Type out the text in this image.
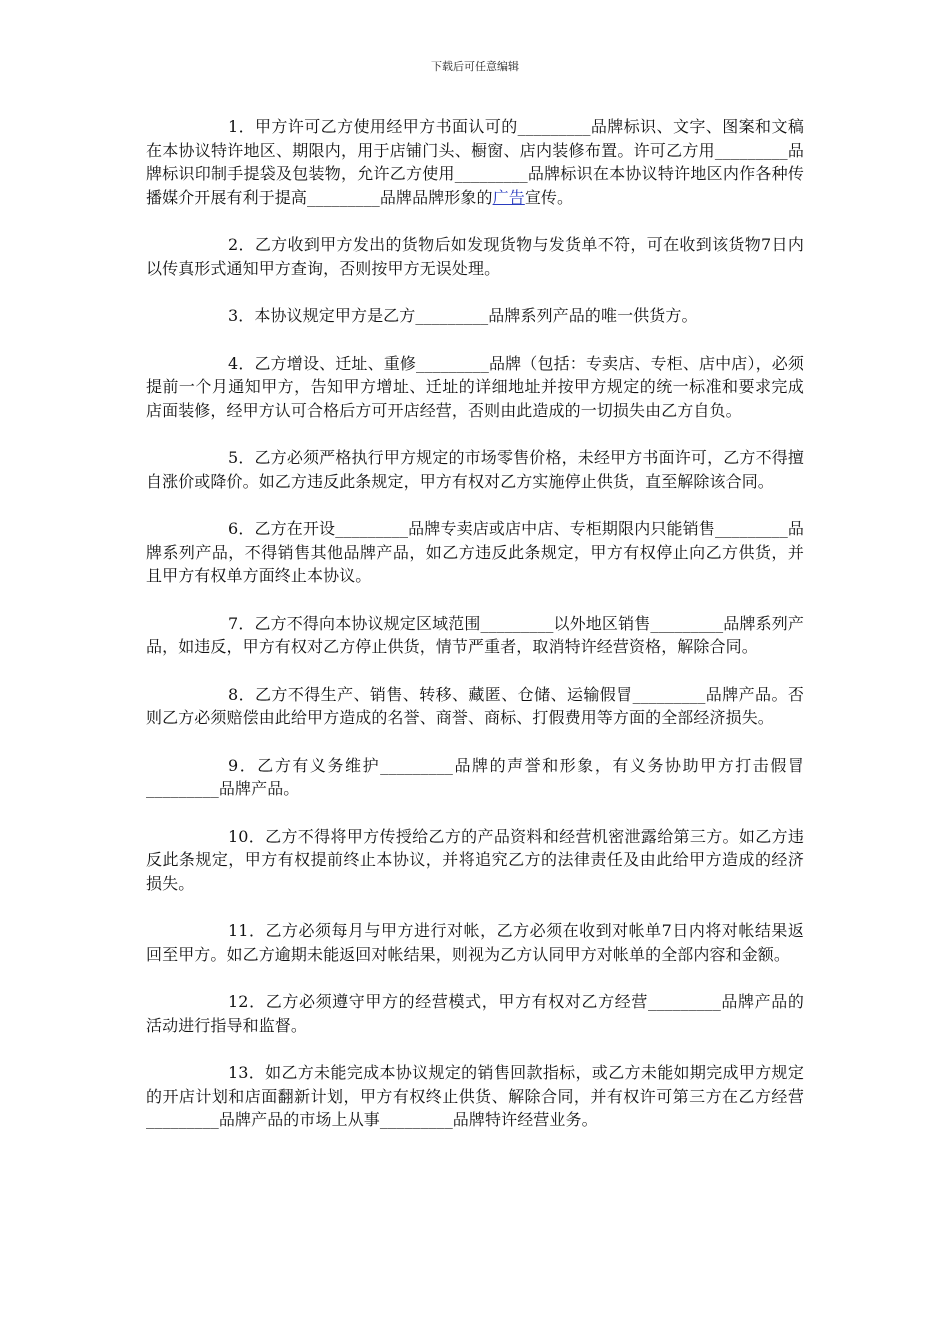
下载后可任意编辑

1．甲方许可乙方使用经甲方书面认可的_________品牌标识、文字、图案和文稿在本协议特许地区、期限内，用于店铺门头、橱窗、店内装修布置。许可乙方用_________品牌标识印制手提袋及包装物，允许乙方使用_________品牌标识在本协议特许地区内作各种传播媒介开展有利于提高_________品牌品牌形象的广告宣传。

2．乙方收到甲方发出的货物后如发现货物与发货单不符，可在收到该货物7日内以传真形式通知甲方查询，否则按甲方无误处理。

3．本协议规定甲方是乙方_________品牌系列产品的唯一供货方。

4．乙方增设、迁址、重修_________品牌（包括：专卖店、专柜、店中店），必须提前一个月通知甲方，告知甲方增址、迁址的详细地址并按甲方规定的统一标准和要求完成店面装修，经甲方认可合格后方可开店经营，否则由此造成的一切损失由乙方自负。

5．乙方必须严格执行甲方规定的市场零售价格，未经甲方书面许可，乙方不得擅自涨价或降价。如乙方违反此条规定，甲方有权对乙方实施停止供货，直至解除该合同。

6．乙方在开设_________品牌专卖店或店中店、专柜期限内只能销售_________品牌系列产品，不得销售其他品牌产品，如乙方违反此条规定，甲方有权停止向乙方供货，并且甲方有权单方面终止本协议。

7．乙方不得向本协议规定区域范围_________以外地区销售_________品牌系列产品，如违反，甲方有权对乙方停止供货，情节严重者，取消特许经营资格，解除合同。

8．乙方不得生产、销售、转移、藏匿、仓储、运输假冒_________品牌产品。否则乙方必须赔偿由此给甲方造成的名誉、商誉、商标、打假费用等方面的全部经济损失。

9．乙方有义务维护_________品牌的声誉和形象，有义务协助甲方打击假冒_________品牌产品。

10．乙方不得将甲方传授给乙方的产品资料和经营机密泄露给第三方。如乙方违反此条规定，甲方有权提前终止本协议，并将追究乙方的法律责任及由此给甲方造成的经济损失。

11．乙方必须每月与甲方进行对帐，乙方必须在收到对帐单7日内将对帐结果返回至甲方。如乙方逾期未能返回对帐结果，则视为乙方认同甲方对帐单的全部内容和金额。

12．乙方必须遵守甲方的经营模式，甲方有权对乙方经营_________品牌产品的活动进行指导和监督。

13．如乙方未能完成本协议规定的销售回款指标，或乙方未能如期完成甲方规定的开店计划和店面翻新计划，甲方有权终止供货、解除合同，并有权许可第三方在乙方经营_________品牌产品的市场上从事_________品牌特许经营业务。
